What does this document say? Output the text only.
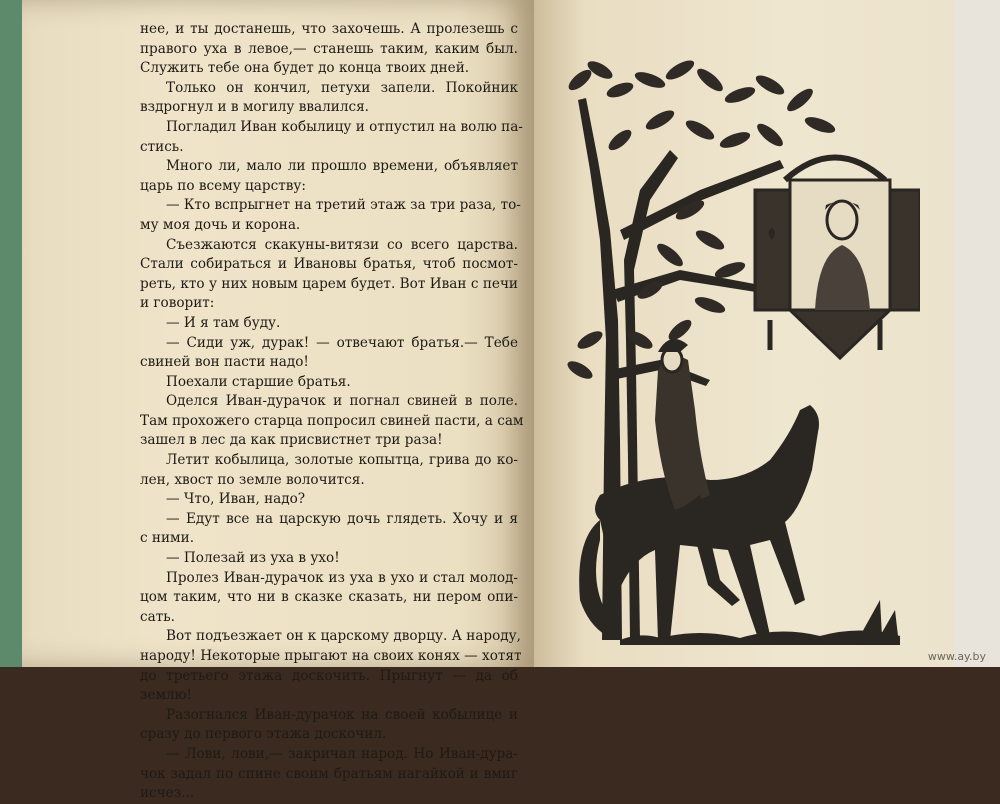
нее, и ты достанешь, что захочешь. А пролезешь с
правого уха в левое,— станешь таким, каким был.
Служить тебе она будет до конца твоих дней.
Только он кончил, петухи запели. Покойник
вздрогнул и в могилу ввалился.
Погладил Иван кобылицу и отпустил на волю па-
стись.
Много ли, мало ли прошло времени, объявляет
царь по всему царству:
— Кто вспрыгнет на третий этаж за три раза, то-
му моя дочь и корона.
Съезжаются скакуны-витязи со всего царства.
Стали собираться и Ивановы братья, чтоб посмот-
реть, кто у них новым царем будет. Вот Иван с печи
и говорит:
— И я там буду.
— Сиди уж, дурак! — отвечают братья.— Тебе
свиней вон пасти надо!
Поехали старшие братья.
Оделся Иван-дурачок и погнал свиней в поле.
Там прохожего старца попросил свиней пасти, а сам
зашел в лес да как присвистнет три раза!
Летит кобылица, золотые копытца, грива до ко-
лен, хвост по земле волочится.
— Что, Иван, надо?
— Едут все на царскую дочь глядеть. Хочу и я
с ними.
— Полезай из уха в ухо!
Пролез Иван-дурачок из уха в ухо и стал молод-
цом таким, что ни в сказке сказать, ни пером опи-
сать.
Вот подъезжает он к царскому дворцу. А народу,
народу! Некоторые прыгают на своих конях — хотят
до третьего этажа доскочить. Прыгнут — да об
землю!
Разогнался Иван-дурачок на своей кобылице и
сразу до первого этажа доскочил.
— Лови, лови,— закричал народ. Но Иван-дура-
чок задал по спине своим братьям нагайкой и вмиг
исчез...
www.ay.by
